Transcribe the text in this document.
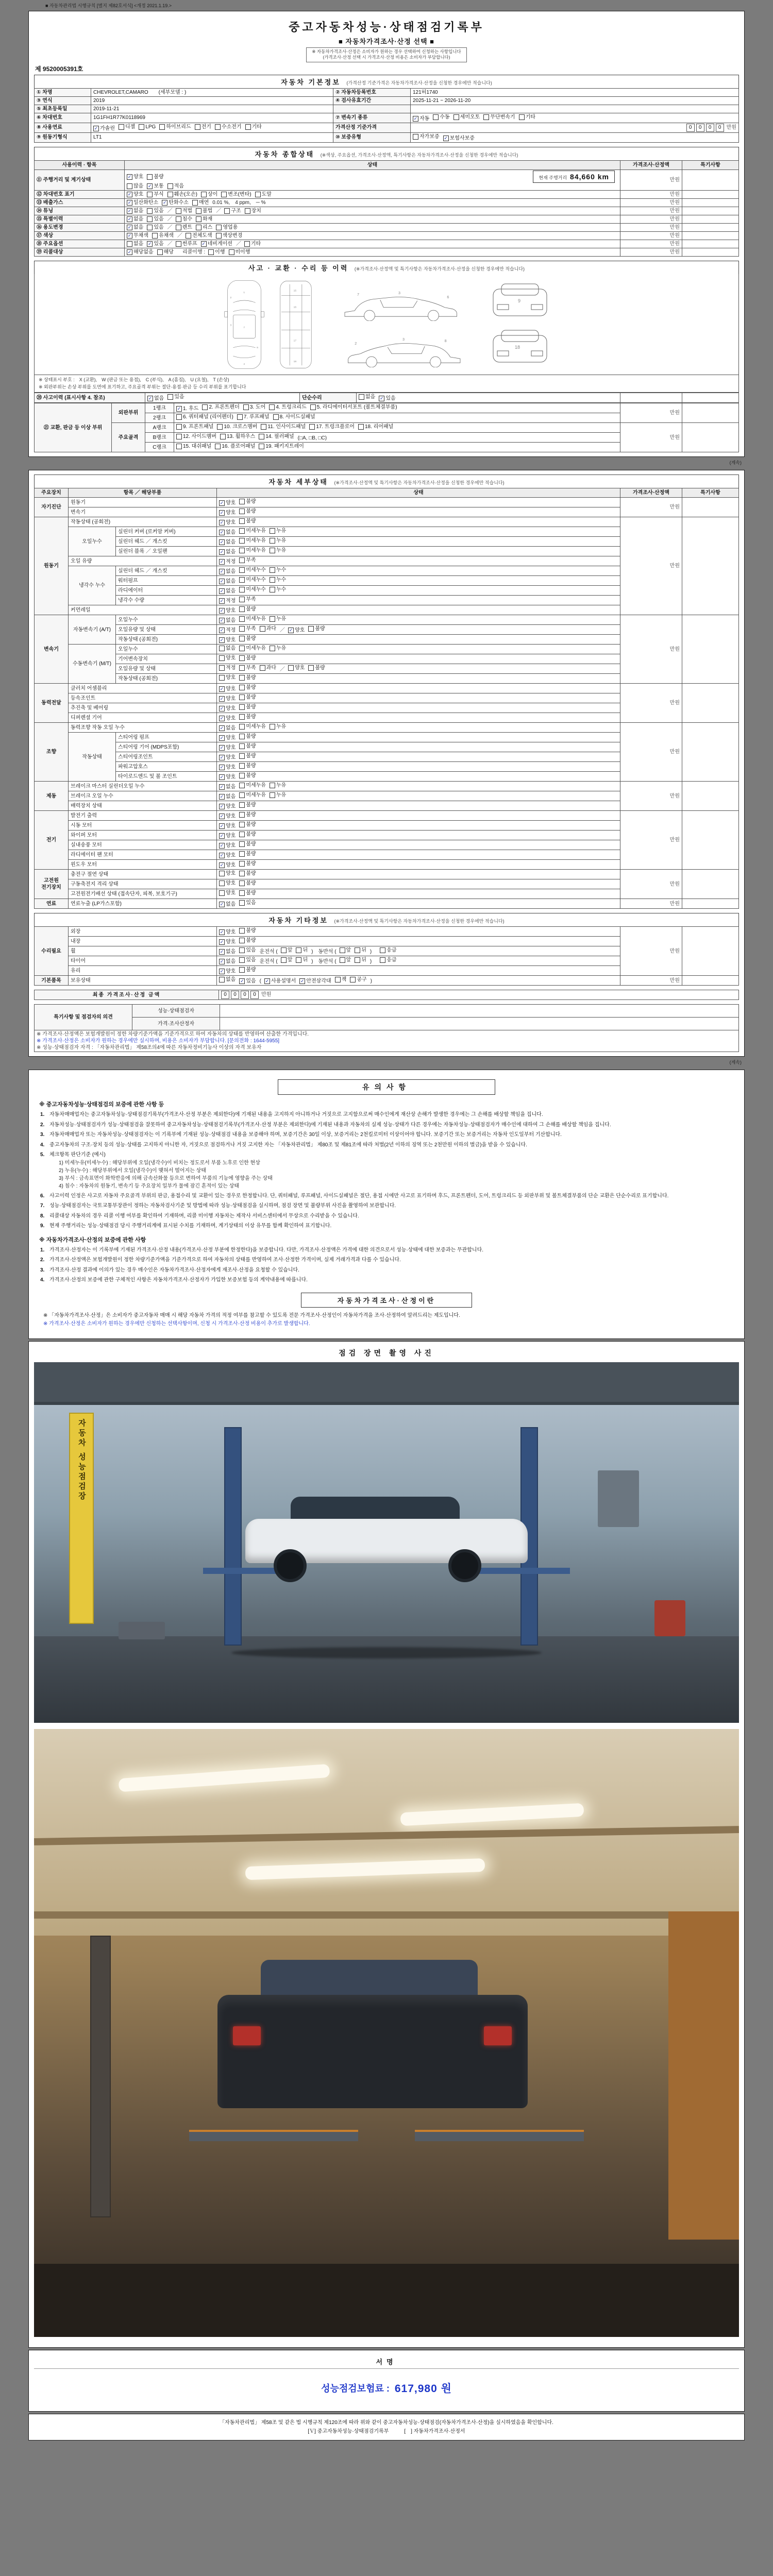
■ 자동차관리법 시행규칙 [별지 제82호서식] <개정 2021.1.19.>
중고자동차성능·상태점검기록부
■ 자동차가격조사·산정 선택 ■
※ 자동차가격조사·산정은 소비자가 원하는 경우 선택하여 신청하는 사항입니다
(가격조사·산정 선택 시 가격조사·산정 비용은 소비자가 부담합니다)
제 9520005391호
자동차 기본정보 (가격산정 기준가격은 자동차가격조사·산정을 신청한 경우에만 적습니다)
① 차명	CHEVROLET,CAMARO　　(세부모델 : )	② 자동차등록번호	121허1740
③ 연식	2019	④ 검사유효기간	2025-11-21 ~ 2026-11-20
⑤ 최초등록일	2019-11-21		
⑥ 차대번호	1G1FH1R77K0118969	⑦ 변속기 종류	✓ 자동 수동 세미오토 무단변속기 기타

⑧ 사용연료	✓ 가솔린 디젤 LPG 하이브리드 전기 수소전기 기타	가격산정 기준가격	0 0 0 0 만원
⑨ 원동기형식	LT1	⑩ 보증유형	자가보증 ✓ 보험사보증
자동차 종합상태 (※색상, 주요옵션, 가격조사·산정액, 특기사항은 자동차가격조사·산정을 신청한 경우에만 적습니다)
사용이력 · 항목	상태	가격조사·산정액	특기사항
⑪ 주행거리 및 계기상태	
✓ 양호 불량	현재 주행거리 84,660 km
많음 ✓ 보통 적음
	만원	
⑫ 차대번호 표기	✓ 양호 부식 훼손(오손) 상이 변조(변타) 도말	만원	
⑬ 배출가스	✓ 일산화탄소 ✓ 탄화수소 매연 0.01 %,　4 ppm,　─ %	만원	
⑭ 튜닝	✓ 없음 있음 ／ 적법 불법 ／ 구조 장치	만원	
⑮ 특별이력	✓ 없음 있음 ／ 침수 화재	만원	
⑯ 용도변경	✓ 없음 있음 ／ 렌트 리스 영업용	만원	
⑰ 색상	✓ 무채색 유채색 ／ 전체도색 색상변경	만원	
⑱ 주요옵션	없음 ✓ 있음 ／ 썬루프 ✓ 네비게이션 ／ 기타	만원	
⑲ 리콜대상	✓ 해당없음 해당 　리콜이행 : 이행 미이행	만원	
사고 · 교환 · 수리 등 이력 (※가격조사·산정액 및 특기사항은 자동차가격조사·산정을 신청한 경우에만 적습니다)
1
2
7
3
4
6
16
17
18
15
7	3
6
8
3
2
9
18
※ 상태표시 부호 :　X (교환),　W (판금 또는 용접),　C (부식),　A (흠집),　U (요철),　T (손상)
※ 외판부위는 손상 부위를 도면에 표기하고, 주요골격 부위는 절단·용접·판금 등 수리 부위를 표기합니다
⑳ 사고이력 (표시사항 4. 참조)	✓ 없음 있음	단순수리	없음 ✓ 있음

㉑ 교환, 판금 등 이상 부위	외판부위	1랭크	✓ 1. 후드 2. 프론트펜더 3. 도어 4. 트렁크리드 5. 라디에이터서포트 (볼트체결부품)
	만원	
		2랭크	6. 쿼터패널 (리어펜더) 7. 루프패널 8. 사이드실패널		

	주요골격	A랭크	9. 프론트패널 10. 크로스멤버 11. 인사이드패널 17. 트렁크플로어 18. 리어패널	만원	
		B랭크	12. 사이드멤버 13. 휠하우스 14. 필러패널 (□A, □B, □C)		
		C랭크	15. 대쉬패널 16. 플로어패널 19. 패키지트레이		
(계속)
자동차 세부상태 (※가격조사·산정액 및 특기사항은 자동차가격조사·산정을 신청한 경우에만 적습니다)
주요장치	항목 ／ 해당부품		상태	가격조사·산정액	특기사항
자기진단	원동기		✓ 양호 불량	만원	
	변속기		✓ 양호 불량		

원동기	작동상태 (공회전)		✓ 양호 불량	만원	
	오일누수	실린더 커버 (로커암 커버)	✓ 없음 미세누유 누유		

		실린더 헤드 ／ 개스킷	✓ 없음 미세누유 누유		

		실린더 블록 ／ 오일팬	✓ 없음 미세누유 누유		

	오일 유량		✓ 적정 부족		

	냉각수 누수	실린더 헤드 ／ 개스킷	✓ 없음 미세누수 누수		

		워터펌프	✓ 없음 미세누수 누수		

		라디에이터	✓ 없음 미세누수 누수		

		냉각수 수량	✓ 적정 부족		

	커먼레일		✓ 양호 불량		

변속기	자동변속기 (A/T)	오일누수	✓ 없음 미세누유 누유	만원	
오일유량 및 상태	✓ 적정 부족 과다 ／ ✓ 양호 불량

		작동상태 (공회전)	✓ 양호 불량		

	수동변속기 (M/T)	오일누수	없음 미세누유 누유		

		기어변속장치	양호 불량		

오일유량 및 상태	적정 부족 과다 ／ 양호 불량

		작동상태 (공회전)	양호 불량		

동력전달	클러치 어셈블리		✓ 양호 불량	만원	
	등속조인트		✓ 양호 불량		

	추진축 및 베어링		✓ 양호 불량		

	디퍼렌셜 기어		✓ 양호 불량		

조향	동력조향 작동 오일 누수		✓ 없음 미세누유 누유	만원	
	작동상태	스티어링 펌프	✓ 양호 불량		

		스티어링 기어 (MDPS포함)	✓ 양호 불량		

		스티어링조인트	✓ 양호 불량		

		파워고압호스	✓ 양호 불량		

		타이로드엔드 및 볼 조인트	✓ 양호 불량		

제동	브레이크 마스터 실린더오일 누수		✓ 없음 미세누유 누유	만원	
	브레이크 오일 누수		✓ 없음 미세누유 누유		

	배력장치 상태		✓ 양호 불량		

전기	발전기 출력		✓ 양호 불량	만원	
	시동 모터		✓ 양호 불량		

	와이퍼 모터		✓ 양호 불량		

	실내송풍 모터		✓ 양호 불량		

	라디에이터 팬 모터		✓ 양호 불량		

	윈도우 모터		✓ 양호 불량		

고전원 전기장치	충전구 절연 상태		양호 불량	만원	
	구동축전지 격리 상태		양호 불량		

	고전원전기배선 상태 (접속단자, 피복, 보호기구)		양호 불량		

연료	연료누출 (LP가스포함)		✓ 없음 있음	만원	
자동차 기타정보 (※가격조사·산정액 및 특기사항은 자동차가격조사·산정을 신청한 경우에만 적습니다)
수리필요	외장	✓ 양호 불량	만원	
	내장	✓ 양호 불량		

휠	✓ 없음 있음 운전석 ( 앞 뒤 )　동반석 ( 앞 뒤 )　 응급

타이어	✓ 없음 있음 운전석 ( 앞 뒤 )　동반석 ( 앞 뒤 )　 응급

	유리	✓ 양호 불량		

기본품목	보유상태	없음 ✓ 있음 ( ✓ 사용설명서 ✓ 안전삼각대 잭 공구 )	만원	
최종 가격조사·산정 금액	0 0 0 0 만원
특기사항 및 점검자의 의견	성능·상태점검자	
	가격·조사산정자	

※ 가격조사·산정액은 보험개발원이 정한 차량기준가액을 기준가격으로 하여 자동차의 상태를 반영하여 산출한 가격입니다.
※ 가격조사·산정은 소비자가 원하는 경우에만 실시하며, 비용은 소비자가 부담합니다. [문의전화 : 1644-5955]
※ 성능·상태점검자 자격 : 「자동차관리법」 제58조의4에 따른 자동차정비기능사 이상의 자격 보유자		
(계속)
유의사항
※ 중고자동차성능·상태점검의 보증에 관한 사항 등
1. 자동차매매업자는 중고자동차성능·상태점검기록부(가격조사·산정 부분은 제외한다)에 기재된 내용을 고지하지 아니하거나 거짓으로 고지함으로써 매수인에게 재산상 손해가 발생한 경우에는 그 손해를 배상할 책임을 집니다.
2. 자동차성능·상태점검자가 성능·상태점검을 잘못하여 중고자동차성능·상태점검기록부(가격조사·산정 부분은 제외한다)에 기재된 내용과 자동차의 실제 성능·상태가 다른 경우에는 자동차성능·상태점검자가 매수인에 대하여 그 손해를 배상할 책임을 집니다.
3. 자동차매매업자 또는 자동차성능·상태점검자는 이 기록부에 기재된 성능·상태점검 내용을 보증해야 하며, 보증기간은 30일 이상, 보증거리는 2천킬로미터 이상이어야 합니다. 보증기간 또는 보증거리는 자동차 인도일부터 기산합니다.
4. 중고자동차의 구조·장치 등의 성능·상태를 고지하지 아니한 자, 거짓으로 점검하거나 거짓 고지한 자는 「자동차관리법」 제80조 및 제81조에 따라 처벌(2년 이하의 징역 또는 2천만원 이하의 벌금)을 받을 수 있습니다.
5. 체크항목 판단기준 (예시)
1) 미세누유(미세누수) : 해당부위에 오일(냉각수)이 비치는 정도로서 부품 노후로 인한 현상
2) 누유(누수) : 해당부위에서 오일(냉각수)이 맺혀서 떨어지는 상태
3) 부식 : 금속표면이 화학반응에 의해 금속산화물 등으로 변하여 부품의 기능에 영향을 주는 상태
4) 침수 : 자동차의 원동기, 변속기 등 주요장치 일부가 물에 잠긴 흔적이 있는 상태
6. 사고이력 인정은 사고로 자동차 주요골격 부위의 판금, 용접수리 및 교환이 있는 경우로 한정합니다. 단, 쿼터패널, 루프패널, 사이드실패널은 절단, 용접 시에만 사고로 표기하며 후드, 프론트펜더, 도어, 트렁크리드 등 외판부위 및 볼트체결부품의 단순 교환은 단순수리로 표기합니다.
7. 성능·상태점검자는 국토교통부장관이 정하는 자동차검사기준 및 방법에 따라 성능·상태점검을 실시하며, 점검 장면 및 불량부위 사진을 촬영하여 보관합니다.
8. 리콜대상 자동차의 경우 리콜 이행 여부를 확인하여 기재하며, 리콜 미이행 자동차는 제작사 서비스센터에서 무상으로 수리받을 수 있습니다.
9. 현재 주행거리는 성능·상태점검 당시 주행거리계에 표시된 수치를 기재하며, 계기상태의 이상 유무를 함께 확인하여 표기합니다.
※ 자동차가격조사·산정의 보증에 관한 사항
1. 가격조사·산정자는 이 기록부에 기재된 가격조사·산정 내용(가격조사·산정 부분에 한정한다)을 보증합니다. 다만, 가격조사·산정액은 가격에 대한 의견으로서 성능·상태에 대한 보증과는 무관합니다.
2. 가격조사·산정액은 보험개발원이 정한 차량기준가액을 기준가격으로 하여 자동차의 상태를 반영하여 조사·산정한 가격이며, 실제 거래가격과 다를 수 있습니다.
3. 가격조사·산정 결과에 이의가 있는 경우 매수인은 자동차가격조사·산정자에게 재조사·산정을 요청할 수 있습니다.
4. 가격조사·산정의 보증에 관한 구체적인 사항은 자동차가격조사·산정자가 가입한 보증보험 등의 계약내용에 따릅니다.
자동차가격조사·산정이란
※ 「자동차가격조사·산정」은 소비자가 중고자동차 매매 시 해당 자동차 가격의 적정 여부를 참고할 수 있도록 전문 가격조사·산정인이 자동차가격을 조사·산정하여 알려드리는 제도입니다.
※ 가격조사·산정은 소비자가 원하는 경우에만 신청하는 선택사항이며, 신청 시 가격조사·산정 비용이 추가로 발생합니다.
점검 장면 촬영 사진
자동차 성능점검장
서명
성능점검보험료 : 617,980 원
「자동차관리법」 제58조 및 같은 법 시행규칙 제120조에 따라 위와 같이 중고자동차성능·상태점검(자동차가격조사·산정)을 실시하였음을 확인합니다.
[Ｖ] 중고자동차성능·상태점검기록부　　　[　] 자동차가격조사·산정서
